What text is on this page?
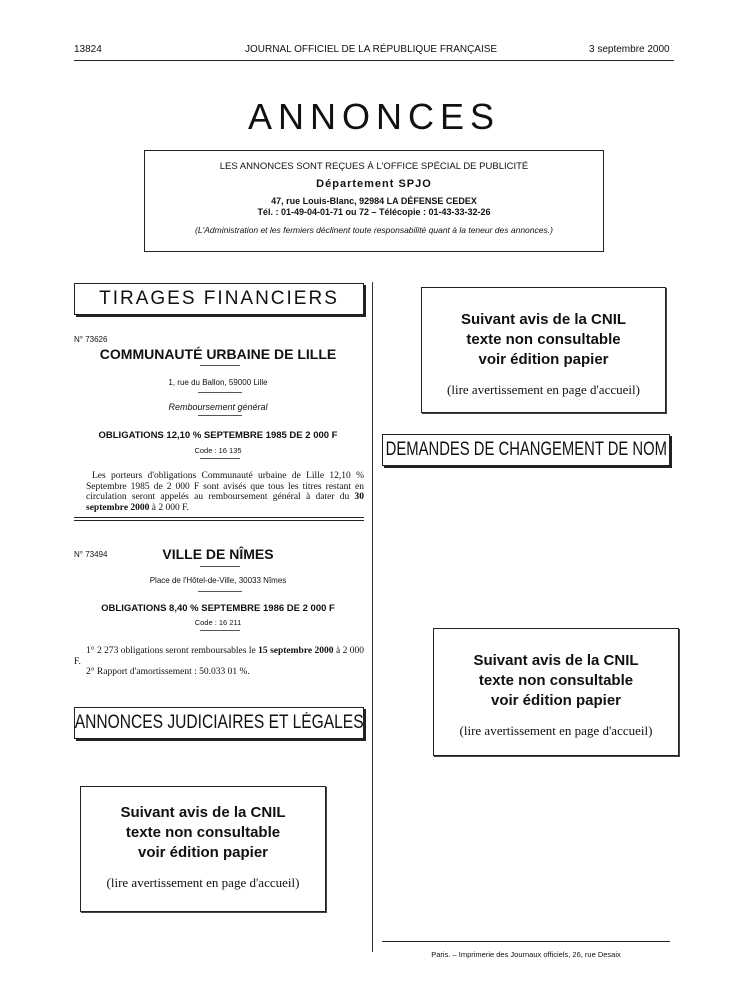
13824	JOURNAL OFFICIEL DE LA RÉPUBLIQUE FRANÇAISE	3 septembre 2000
ANNONCES
LES ANNONCES SONT REÇUES À L'OFFICE SPÉCIAL DE PUBLICITÉ
Département SPJO
47, rue Louis-Blanc, 92984 LA DÉFENSE CEDEX
Tél. : 01-49-04-01-71 ou 72 – Télécopie : 01-43-33-32-26
(L'Administration et les fermiers déclinent toute responsabilité quant à la teneur des annonces.)
TIRAGES FINANCIERS
N° 73626
COMMUNAUTÉ URBAINE DE LILLE
1, rue du Ballon, 59000 Lille
Remboursement général
OBLIGATIONS 12,10 % SEPTEMBRE 1985 DE 2 000 F
Code : 16 135
Les porteurs d'obligations Communauté urbaine de Lille 12,10 % Septembre 1985 de 2 000 F sont avisés que tous les titres restant en circulation seront appelés au remboursement général à dater du 30 septembre 2000 à 2 000 F.
N° 73494	VILLE DE NÎMES
Place de l'Hôtel-de-Ville, 30033 Nîmes
OBLIGATIONS 8,40 % SEPTEMBRE 1986 DE 2 000 F
Code : 16 211
1° 2 273 obligations seront remboursables le 15 septembre 2000 à 2 000 F.
2° Rapport d'amortissement : 50.033 01 %.
ANNONCES JUDICIAIRES ET LÉGALES
Suivant avis de la CNIL
texte non consultable
voir édition papier
(lire avertissement en page d'accueil)
Suivant avis de la CNIL
texte non consultable
voir édition papier
(lire avertissement en page d'accueil)
DEMANDES DE CHANGEMENT DE NOM
Suivant avis de la CNIL
texte non consultable
voir édition papier
(lire avertissement en page d'accueil)
Paris. – Imprimerie des Journaux officiels, 26, rue Desaix
